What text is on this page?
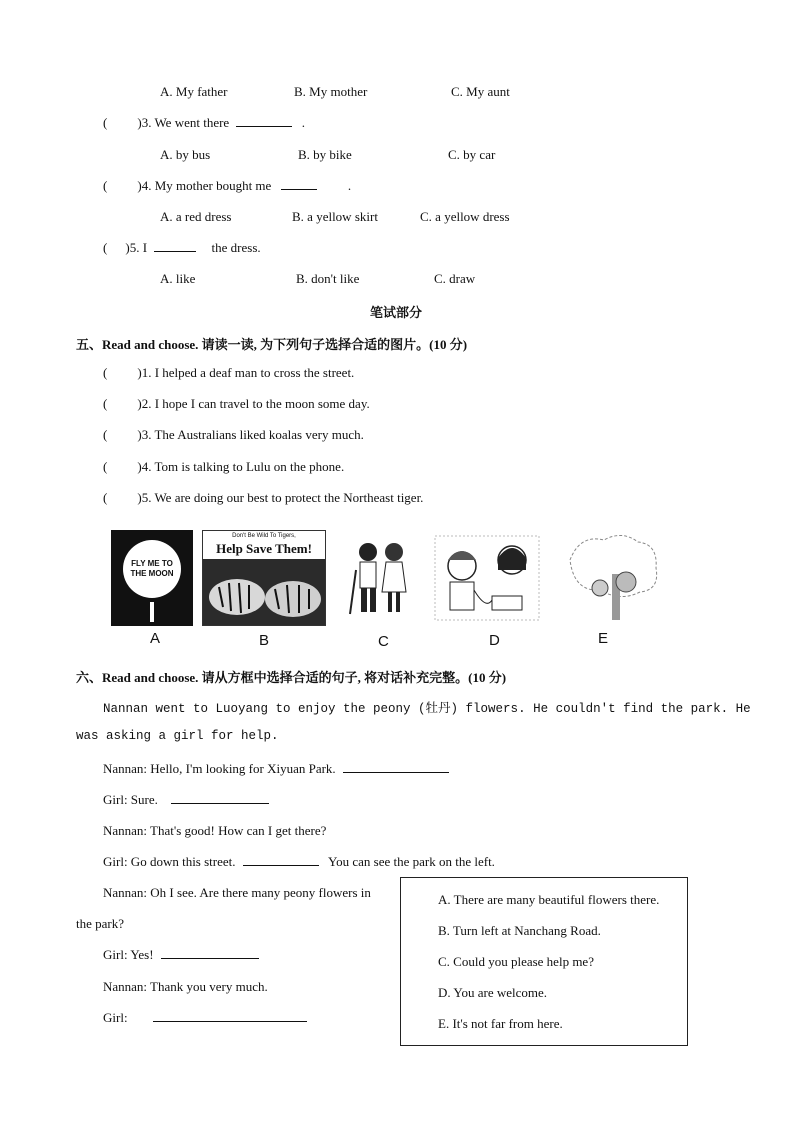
A. My father	B. My mother	C. My aunt
( )3. We went there	.
A. by bus	B. by bike	C. by car
( )4. My mother bought me	.
A. a red dress	B. a yellow skirt	C. a yellow dress
( )5. I	the dress.
A. like	B. don't like	C. draw
笔试部分
五、Read and choose. 请读一读, 为下列句子选择合适的图片。(10 分)
( )1. I helped a deaf man to cross the street.
( )2. I hope I can travel to the moon some day.
( )3. The Australians liked koalas very much.
( )4. Tom is talking to Lulu on the phone.
( )5. We are doing our best to protect the Northeast tiger.
FLY ME TO THE MOON
Don't Be Wild To Tigers,
Help Save Them!
A	B	C	D	E
六、Read and choose. 请从方框中选择合适的句子, 将对话补充完整。(10 分)
Nannan went to Luoyang to enjoy the peony (牡丹) flowers. He couldn't find the park. He
was asking a girl for help.
Nannan: Hello, I'm looking for Xiyuan Park.
Girl: Sure.
Nannan: That's good! How can I get there?
Girl: Go down this street.	You can see the park on the left.
Nannan: Oh I see. Are there many peony flowers in
the park?
Girl: Yes!
Nannan: Thank you very much.
Girl:
A. There are many beautiful flowers there.
B. Turn left at Nanchang Road.
C. Could you please help me?
D. You are welcome.
E. It's not far from here.
